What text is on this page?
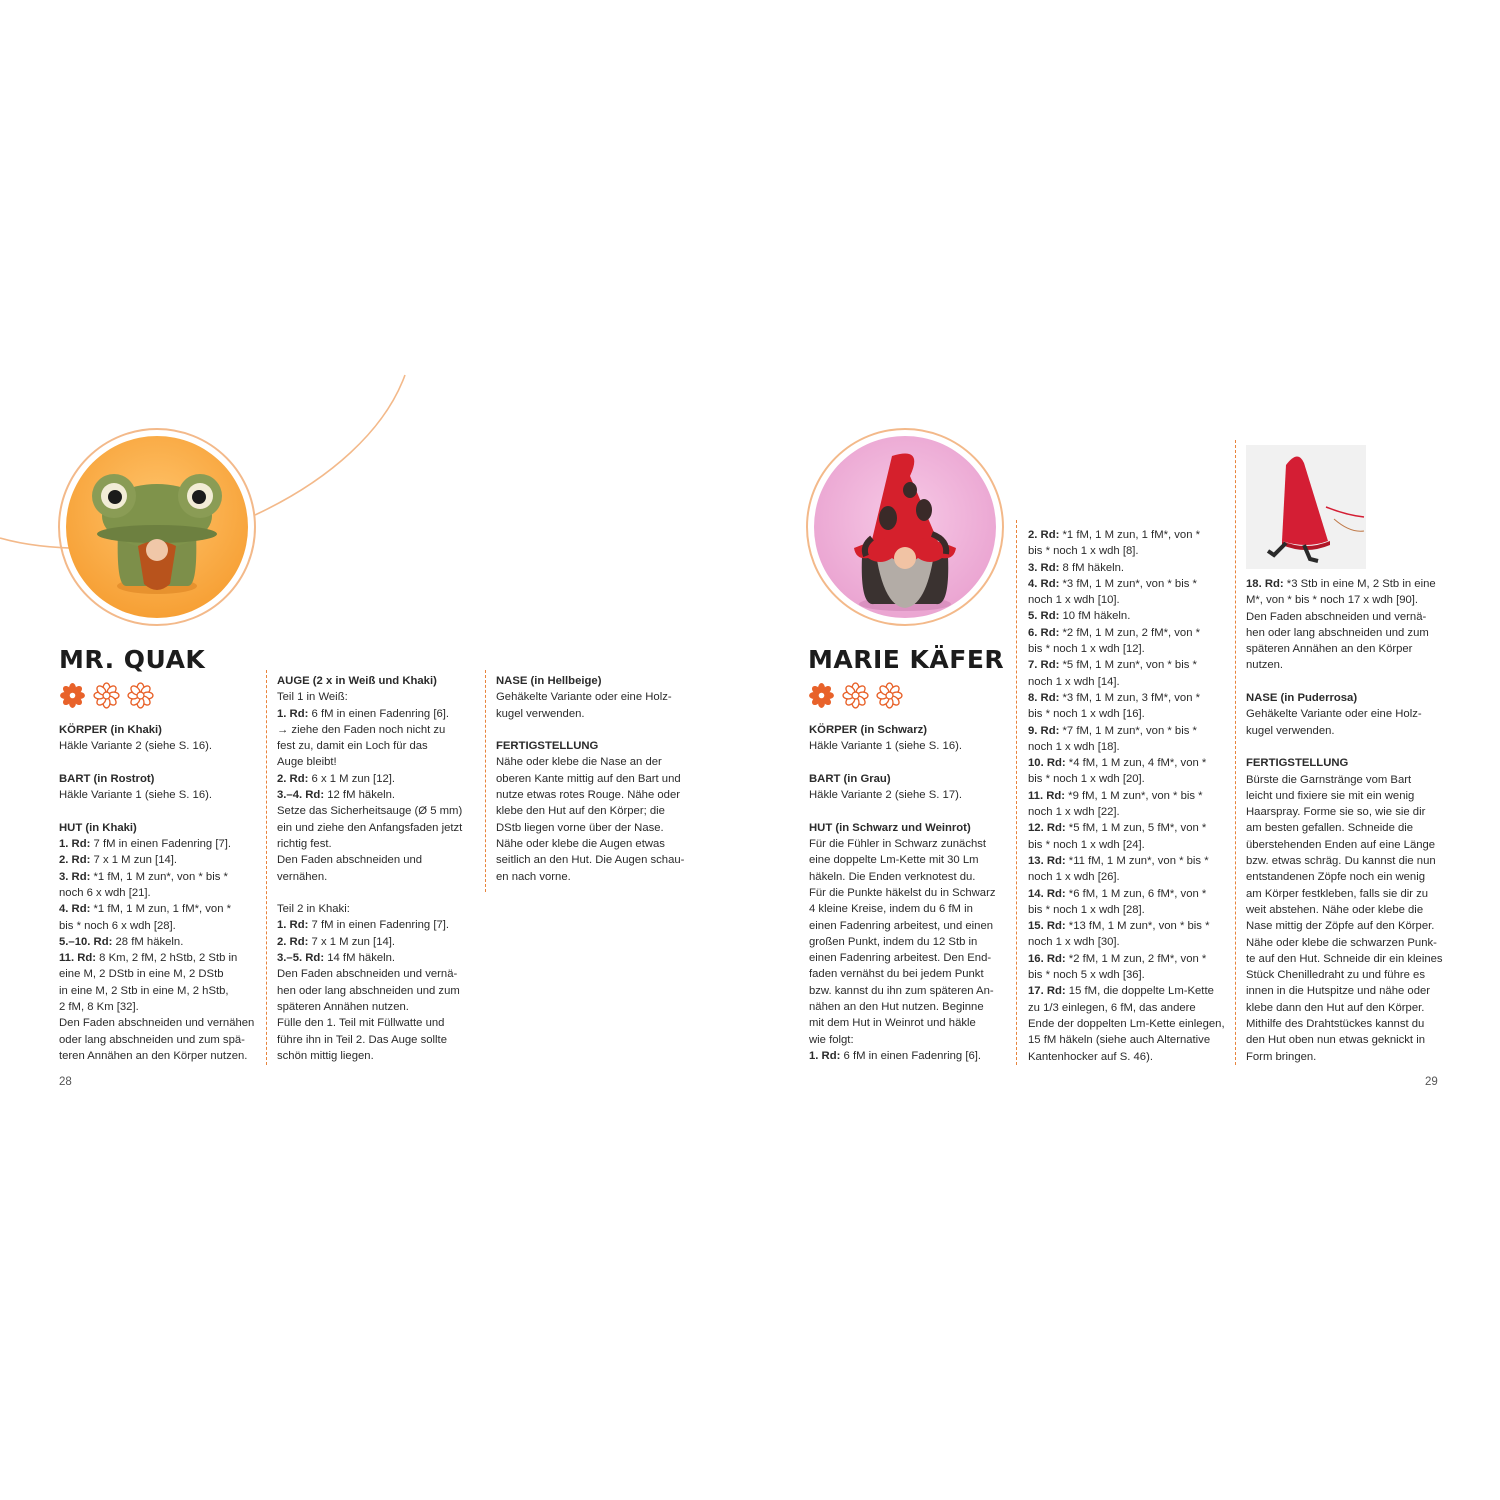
MR. QUAK
KÖRPER (in Khaki)
Häkle Variante 2 (siehe S. 16).
BART (in Rostrot)
Häkle Variante 1 (siehe S. 16).
HUT (in Khaki)
1. Rd: 7 fM in einen Fadenring [7].
2. Rd: 7 x 1 M zun [14].
3. Rd: *1 fM, 1 M zun*, von * bis *
noch 6 x wdh [21].
4. Rd: *1 fM, 1 M zun, 1 fM*, von *
bis * noch 6 x wdh [28].
5.–10. Rd: 28 fM häkeln.
11. Rd: 8 Km, 2 fM, 2 hStb, 2 Stb in
eine M, 2 DStb in eine M, 2 DStb
in eine M, 2 Stb in eine M, 2 hStb,
2 fM, 8 Km [32].
Den Faden abschneiden und vernähen
oder lang abschneiden und zum spä-
teren Annähen an den Körper nutzen.
AUGE (2 x in Weiß und Khaki)
Teil 1 in Weiß:
1. Rd: 6 fM in einen Fadenring [6].
→ ziehe den Faden noch nicht zu
fest zu, damit ein Loch für das
Auge bleibt!
2. Rd: 6 x 1 M zun [12].
3.–4. Rd: 12 fM häkeln.
Setze das Sicherheitsauge (Ø 5 mm)
ein und ziehe den Anfangsfaden jetzt
richtig fest.
Den Faden abschneiden und
vernähen.
Teil 2 in Khaki:
1. Rd: 7 fM in einen Fadenring [7].
2. Rd: 7 x 1 M zun [14].
3.–5. Rd: 14 fM häkeln.
Den Faden abschneiden und vernä-
hen oder lang abschneiden und zum
späteren Annähen nutzen.
Fülle den 1. Teil mit Füllwatte und
führe ihn in Teil 2. Das Auge sollte
schön mittig liegen.
NASE (in Hellbeige)
Gehäkelte Variante oder eine Holz-
kugel verwenden.
FERTIGSTELLUNG
Nähe oder klebe die Nase an der
oberen Kante mittig auf den Bart und
nutze etwas rotes Rouge. Nähe oder
klebe den Hut auf den Körper; die
DStb liegen vorne über der Nase.
Nähe oder klebe die Augen etwas
seitlich an den Hut. Die Augen schau-
en nach vorne.
28
MARIE KÄFER
KÖRPER (in Schwarz)
Häkle Variante 1 (siehe S. 16).
BART (in Grau)
Häkle Variante 2 (siehe S. 17).
HUT (in Schwarz und Weinrot)
Für die Fühler in Schwarz zunächst
eine doppelte Lm-Kette mit 30 Lm
häkeln. Die Enden verknotest du.
Für die Punkte häkelst du in Schwarz
4 kleine Kreise, indem du 6 fM in
einen Fadenring arbeitest, und einen
großen Punkt, indem du 12 Stb in
einen Fadenring arbeitest. Den End-
faden vernähst du bei jedem Punkt
bzw. kannst du ihn zum späteren An-
nähen an den Hut nutzen. Beginne
mit dem Hut in Weinrot und häkle
wie folgt:
1. Rd: 6 fM in einen Fadenring [6].
2. Rd: *1 fM, 1 M zun, 1 fM*, von *
bis * noch 1 x wdh [8].
3. Rd: 8 fM häkeln.
4. Rd: *3 fM, 1 M zun*, von * bis *
noch 1 x wdh [10].
5. Rd: 10 fM häkeln.
6. Rd: *2 fM, 1 M zun, 2 fM*, von *
bis * noch 1 x wdh [12].
7. Rd: *5 fM, 1 M zun*, von * bis *
noch 1 x wdh [14].
8. Rd: *3 fM, 1 M zun, 3 fM*, von *
bis * noch 1 x wdh [16].
9. Rd: *7 fM, 1 M zun*, von * bis *
noch 1 x wdh [18].
10. Rd: *4 fM, 1 M zun, 4 fM*, von *
bis * noch 1 x wdh [20].
11. Rd: *9 fM, 1 M zun*, von * bis *
noch 1 x wdh [22].
12. Rd: *5 fM, 1 M zun, 5 fM*, von *
bis * noch 1 x wdh [24].
13. Rd: *11 fM, 1 M zun*, von * bis *
noch 1 x wdh [26].
14. Rd: *6 fM, 1 M zun, 6 fM*, von *
bis * noch 1 x wdh [28].
15. Rd: *13 fM, 1 M zun*, von * bis *
noch 1 x wdh [30].
16. Rd: *2 fM, 1 M zun, 2 fM*, von *
bis * noch 5 x wdh [36].
17. Rd: 15 fM, die doppelte Lm-Kette
zu 1/3 einlegen, 6 fM, das andere
Ende der doppelten Lm-Kette einlegen,
15 fM häkeln (siehe auch Alternative
Kantenhocker auf S. 46).
18. Rd: *3 Stb in eine M, 2 Stb in eine
M*, von * bis * noch 17 x wdh [90].
Den Faden abschneiden und vernä-
hen oder lang abschneiden und zum
späteren Annähen an den Körper
nutzen.
NASE (in Puderrosa)
Gehäkelte Variante oder eine Holz-
kugel verwenden.
FERTIGSTELLUNG
Bürste die Garnstränge vom Bart
leicht und fixiere sie mit ein wenig
Haarspray. Forme sie so, wie sie dir
am besten gefallen. Schneide die
überstehenden Enden auf eine Länge
bzw. etwas schräg. Du kannst die nun
entstandenen Zöpfe noch ein wenig
am Körper festkleben, falls sie dir zu
weit abstehen. Nähe oder klebe die
Nase mittig der Zöpfe auf den Körper.
Nähe oder klebe die schwarzen Punk-
te auf den Hut. Schneide dir ein kleines
Stück Chenilledraht zu und führe es
innen in die Hutspitze und nähe oder
klebe dann den Hut auf den Körper.
Mithilfe des Drahtstückes kannst du
den Hut oben nun etwas geknickt in
Form bringen.
29
